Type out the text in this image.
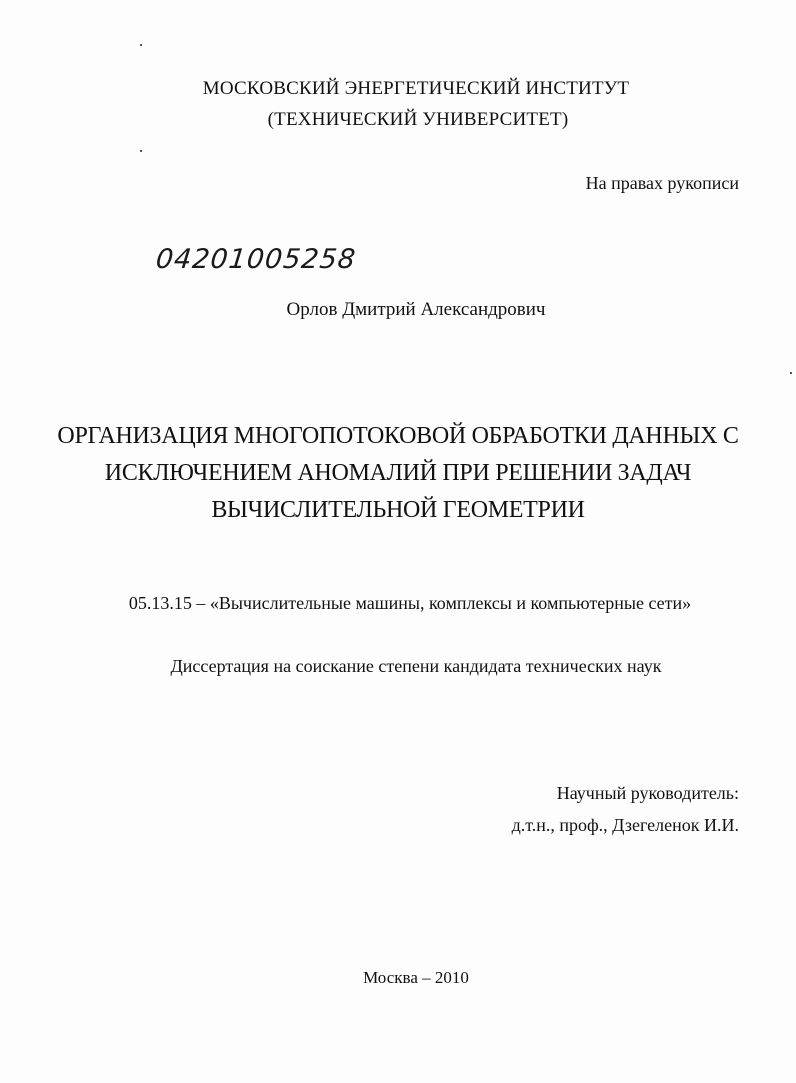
МОСКОВСКИЙ ЭНЕРГЕТИЧЕСКИЙ ИНСТИТУТ
(ТЕХНИЧЕСКИЙ УНИВЕРСИТЕТ)
На правах рукописи
04201005258
Орлов Дмитрий Александрович
ОРГАНИЗАЦИЯ МНОГОПОТОКОВОЙ ОБРАБОТКИ ДАННЫХ С
ИСКЛЮЧЕНИЕМ АНОМАЛИЙ ПРИ РЕШЕНИИ ЗАДАЧ
ВЫЧИСЛИТЕЛЬНОЙ ГЕОМЕТРИИ
05.13.15 – «Вычислительные машины, комплексы и компьютерные сети»
Диссертация на соискание степени кандидата технических наук
Научный руководитель:
д.т.н., проф., Дзегеленок И.И.
Москва – 2010
